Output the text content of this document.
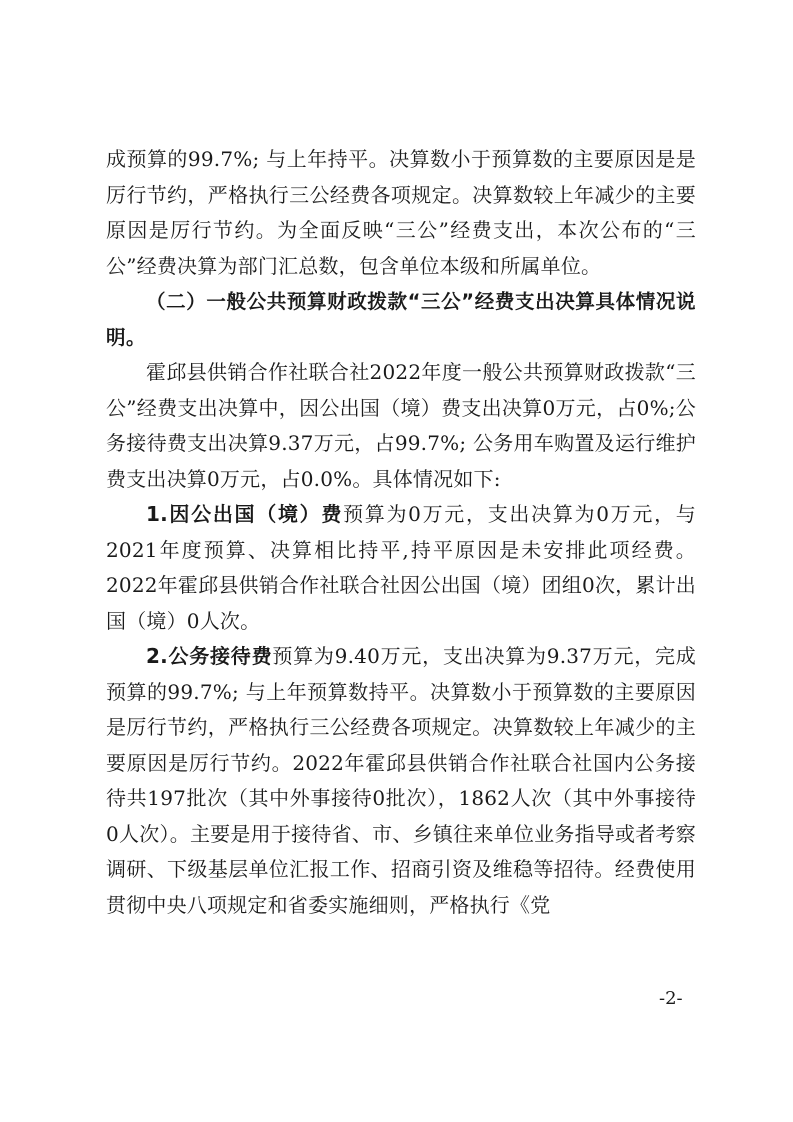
成预算的99.7%; 与上年持平。决算数小于预算数的主要原因是是厉行节约，严格执行三公经费各项规定。决算数较上年减少的主要原因是厉行节约。为全面反映“三公”经费支出，本次公布的“三公”经费决算为部门汇总数，包含单位本级和所属单位。

（二）一般公共预算财政拨款“三公”经费支出决算具体情况说明。

霍邱县供销合作社联合社2022年度一般公共预算财政拨款“三公”经费支出决算中，因公出国（境）费支出决算0万元，占0%;公务接待费支出决算9.37万元，占99.7%; 公务用车购置及运行维护费支出决算0万元，占0.0%。具体情况如下:

1.因公出国（境）费预算为0万元，支出决算为0万元，与2021年度预算、决算相比持平,持平原因是未安排此项经费。2022年霍邱县供销合作社联合社因公出国（境）团组0次，累计出国（境）0人次。

2.公务接待费预算为9.40万元，支出决算为9.37万元，完成预算的99.7%; 与上年预算数持平。决算数小于预算数的主要原因是厉行节约，严格执行三公经费各项规定。决算数较上年减少的主要原因是厉行节约。2022年霍邱县供销合作社联合社国内公务接待共197批次（其中外事接待0批次），1862人次（其中外事接待0人次）。主要是用于接待省、市、乡镇往来单位业务指导或者考察调研、下级基层单位汇报工作、招商引资及维稳等招待。经费使用贯彻中央八项规定和省委实施细则，严格执行《党

-2-
